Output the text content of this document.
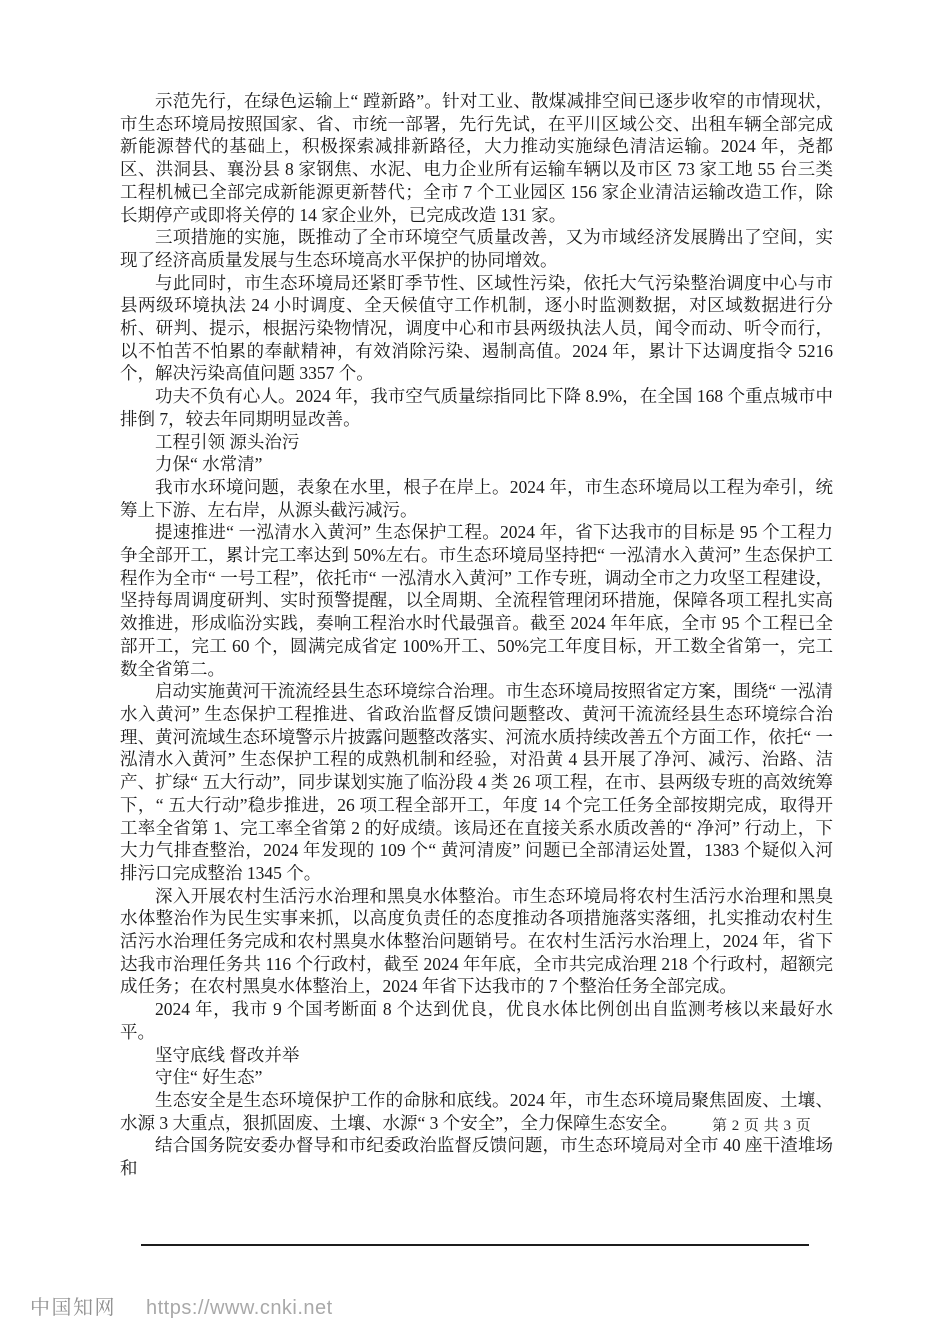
示范先行，在绿色运输上“ 蹚新路”。针对工业、散煤减排空间已逐步收窄的市情现状，市生态环境局按照国家、省、市统一部署，先行先试，在平川区域公交、出租车辆全部完成新能源替代的基础上，积极探索减排新路径，大力推动实施绿色清洁运输。2024 年，尧都区、洪洞县、襄汾县 8 家钢焦、水泥、电力企业所有运输车辆以及市区 73 家工地 55 台三类工程机械已全部完成新能源更新替代；全市 7 个工业园区 156 家企业清洁运输改造工作，除长期停产或即将关停的 14 家企业外，已完成改造 131 家。

三项措施的实施，既推动了全市环境空气质量改善，又为市域经济发展腾出了空间，实现了经济高质量发展与生态环境高水平保护的协同增效。

与此同时，市生态环境局还紧盯季节性、区域性污染，依托大气污染整治调度中心与市县两级环境执法 24 小时调度、全天候值守工作机制，逐小时监测数据，对区域数据进行分析、研判、提示，根据污染物情况，调度中心和市县两级执法人员，闻令而动、听令而行，以不怕苦不怕累的奉献精神，有效消除污染、遏制高值。2024 年，累计下达调度指令 5216 个，解决污染高值问题 3357 个。

功夫不负有心人。2024 年，我市空气质量综指同比下降 8.9%，在全国 168 个重点城市中排倒 7，较去年同期明显改善。

工程引领 源头治污

力保“ 水常清”

我市水环境问题，表象在水里，根子在岸上。2024 年，市生态环境局以工程为牵引，统筹上下游、左右岸，从源头截污减污。

提速推进“ 一泓清水入黄河” 生态保护工程。2024 年，省下达我市的目标是 95 个工程力争全部开工，累计完工率达到 50%左右。市生态环境局坚持把“ 一泓清水入黄河” 生态保护工程作为全市“ 一号工程”，依托市“ 一泓清水入黄河” 工作专班，调动全市之力攻坚工程建设，坚持每周调度研判、实时预警提醒，以全周期、全流程管理闭环措施，保障各项工程扎实高效推进，形成临汾实践，奏响工程治水时代最强音。截至 2024 年年底，全市 95 个工程已全部开工，完工 60 个，圆满完成省定 100%开工、50%完工年度目标，开工数全省第一，完工数全省第二。

启动实施黄河干流流经县生态环境综合治理。市生态环境局按照省定方案，围绕“ 一泓清水入黄河” 生态保护工程推进、省政治监督反馈问题整改、黄河干流流经县生态环境综合治理、黄河流域生态环境警示片披露问题整改落实、河流水质持续改善五个方面工作，依托“ 一泓清水入黄河” 生态保护工程的成熟机制和经验，对沿黄 4 县开展了净河、减污、治路、洁产、扩绿“ 五大行动”，同步谋划实施了临汾段 4 类 26 项工程，在市、县两级专班的高效统筹下，“ 五大行动”稳步推进，26 项工程全部开工，年度 14 个完工任务全部按期完成，取得开工率全省第 1、完工率全省第 2 的好成绩。该局还在直接关系水质改善的“ 净河” 行动上，下大力气排查整治，2024 年发现的 109 个“ 黄河清废” 问题已全部清运处置，1383 个疑似入河排污口完成整治 1345 个。

深入开展农村生活污水治理和黑臭水体整治。市生态环境局将农村生活污水治理和黑臭水体整治作为民生实事来抓，以高度负责任的态度推动各项措施落实落细，扎实推动农村生活污水治理任务完成和农村黑臭水体整治问题销号。在农村生活污水治理上，2024 年，省下达我市治理任务共 116 个行政村，截至 2024 年年底，全市共完成治理 218 个行政村，超额完成任务；在农村黑臭水体整治上，2024 年省下达我市的 7 个整治任务全部完成。

2024 年，我市 9 个国考断面 8 个达到优良，优良水体比例创出自监测考核以来最好水平。

坚守底线 督改并举

守住“ 好生态”

生态安全是生态环境保护工作的命脉和底线。2024 年，市生态环境局聚焦固废、土壤、水源 3 大重点，狠抓固废、土壤、水源“ 3 个安全”，全力保障生态安全。

结合国务院安委办督导和市纪委政治监督反馈问题，市生态环境局对全市 40 座干渣堆场和

第 2 页 共 3 页
中国知网 https://www.cnki.net
